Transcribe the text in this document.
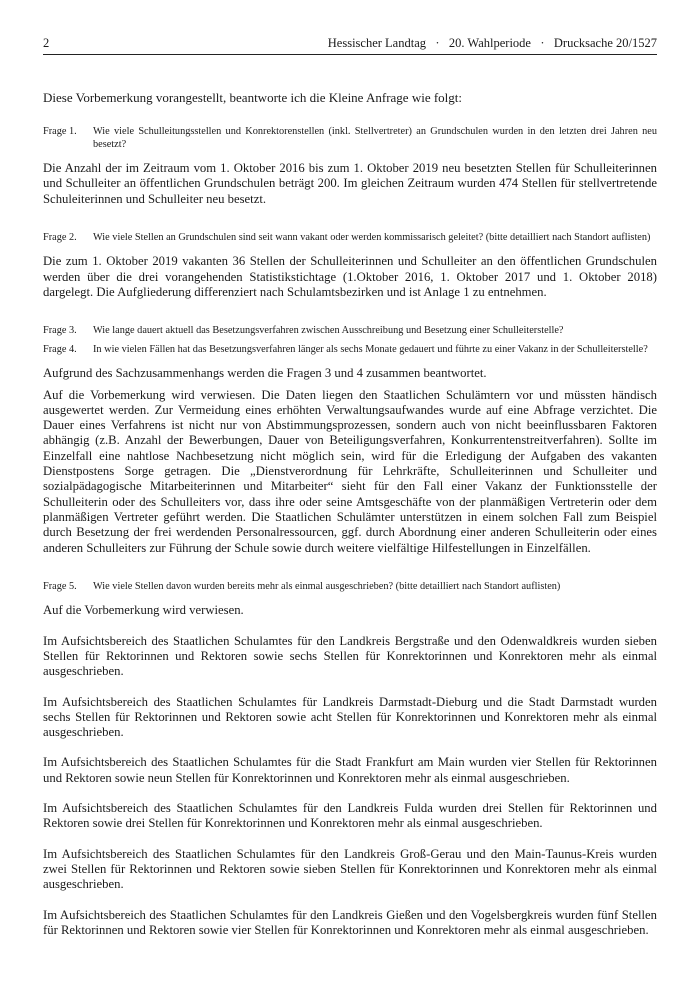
2	Hessischer Landtag   ·   20. Wahlperiode   ·   Drucksache 20/1527
Diese Vorbemerkung vorangestellt, beantworte ich die Kleine Anfrage wie folgt:
Frage 1.	Wie viele Schulleitungsstellen und Konrektorenstellen (inkl. Stellvertreter) an Grundschulen wurden in den letzten drei Jahren neu besetzt?

Die Anzahl der im Zeitraum vom 1. Oktober 2016 bis zum 1. Oktober 2019 neu besetzten Stellen für Schulleiterinnen und Schulleiter an öffentlichen Grundschulen beträgt 200. Im gleichen Zeitraum wurden 474 Stellen für stellvertretende Schuleiterinnen und Schulleiter neu besetzt.

Frage 2.	Wie viele Stellen an Grundschulen sind seit wann vakant oder werden kommissarisch geleitet? (bitte detailliert nach Standort auflisten)

Die zum 1. Oktober 2019 vakanten 36 Stellen der Schulleiterinnen und Schulleiter an den öffentlichen Grundschulen werden über die drei vorangehenden Statistikstichtage (1.Oktober 2016, 1. Oktober 2017 und 1. Oktober 2018) dargelegt. Die Aufgliederung differenziert nach Schulamtsbezirken und ist Anlage 1 zu entnehmen.

Frage 3.	Wie lange dauert aktuell das Besetzungsverfahren zwischen Ausschreibung und Besetzung einer Schulleiterstelle?
Frage 4.	In wie vielen Fällen hat das Besetzungsverfahren länger als sechs Monate gedauert und führte zu einer Vakanz in der Schulleiterstelle?

Aufgrund des Sachzusammenhangs werden die Fragen 3 und 4 zusammen beantwortet.

Auf die Vorbemerkung wird verwiesen. Die Daten liegen den Staatlichen Schulämtern vor und müssten händisch ausgewertet werden. Zur Vermeidung eines erhöhten Verwaltungsaufwandes wurde auf eine Abfrage verzichtet. Die Dauer eines Verfahrens ist nicht nur von Abstimmungsprozessen, sondern auch von nicht beeinflussbaren Faktoren abhängig (z.B. Anzahl der Bewerbungen, Dauer von Beteiligungsverfahren, Konkurrentenstreitverfahren). Sollte im Einzelfall eine nahtlose Nachbesetzung nicht möglich sein, wird für die Erledigung der Aufgaben des vakanten Dienstpostens Sorge getragen. Die „Dienstverordnung für Lehrkräfte, Schulleiterinnen und Schulleiter und sozialpädagogische Mitarbeiterinnen und Mitarbeiter“ sieht für den Fall einer Vakanz der Funktionsstelle der Schulleiterin oder des Schulleiters vor, dass ihre oder seine Amtsgeschäfte von der planmäßigen Vertreterin oder dem planmäßigen Vertreter geführt werden. Die Staatlichen Schulämter unterstützen in einem solchen Fall zum Beispiel durch Besetzung der frei werdenden Personalressourcen, ggf. durch Abordnung einer anderen Schulleiterin oder eines anderen Schulleiters zur Führung der Schule sowie durch weitere vielfältige Hilfestellungen in Einzelfällen.

Frage 5.	Wie viele Stellen davon wurden bereits mehr als einmal ausgeschrieben? (bitte detailliert nach Standort auflisten)

Auf die Vorbemerkung wird verwiesen.

Im Aufsichtsbereich des Staatlichen Schulamtes für den Landkreis Bergstraße und den Odenwaldkreis wurden sieben Stellen für Rektorinnen und Rektoren sowie sechs Stellen für Konrektorinnen und Konrektoren mehr als einmal ausgeschrieben.

Im Aufsichtsbereich des Staatlichen Schulamtes für Landkreis Darmstadt-Dieburg und die Stadt Darmstadt wurden sechs Stellen für Rektorinnen und Rektoren sowie acht Stellen für Konrektorinnen und Konrektoren mehr als einmal ausgeschrieben.

Im Aufsichtsbereich des Staatlichen Schulamtes für die Stadt Frankfurt am Main wurden vier Stellen für Rektorinnen und Rektoren sowie neun Stellen für Konrektorinnen und Konrektoren mehr als einmal ausgeschrieben.

Im Aufsichtsbereich des Staatlichen Schulamtes für den Landkreis Fulda wurden drei Stellen für Rektorinnen und Rektoren sowie drei Stellen für Konrektorinnen und Konrektoren mehr als einmal ausgeschrieben.

Im Aufsichtsbereich des Staatlichen Schulamtes für den Landkreis Groß-Gerau und den Main-Taunus-Kreis wurden zwei Stellen für Rektorinnen und Rektoren sowie sieben Stellen für Konrektorinnen und Konrektoren mehr als einmal ausgeschrieben.

Im Aufsichtsbereich des Staatlichen Schulamtes für den Landkreis Gießen und den Vogelsbergkreis wurden fünf Stellen für Rektorinnen und Rektoren sowie vier Stellen für Konrektorinnen und Konrektoren mehr als einmal ausgeschrieben.
